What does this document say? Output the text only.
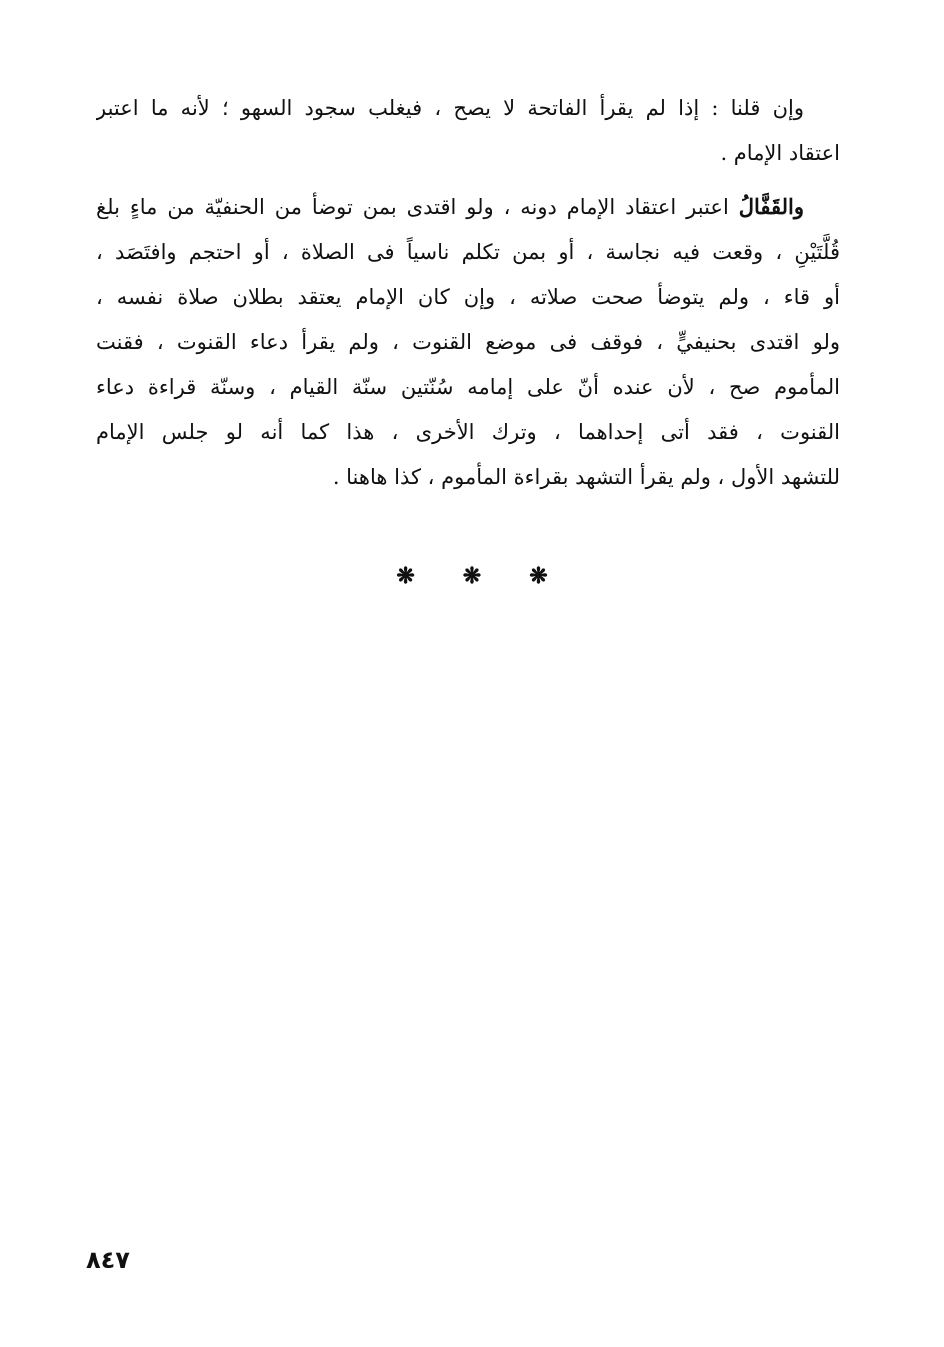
وإن قلنا : إذا لم يقرأ الفاتحة لا يصح ، فيغلب سجود السهو ؛ لأنه ما اعتبر
اعتقاد الإمام .
والقَفَّالُ اعتبر اعتقاد الإمام دونه ، ولو اقتدى بمن توضأ من الحنفيّة من ماءٍ بلغ
قُلَّتَيْنِ ، وقعت فيه نجاسة ، أو بمن تكلم ناسياً فى الصلاة ، أو احتجم وافتَصَد ،
أو قاء ، ولم يتوضأ صحت صلاته ، وإن كان الإمام يعتقد بطلان صلاة نفسه ،
ولو اقتدى بحنيفيٍّ ، فوقف فى موضع القنوت ، ولم يقرأ دعاء القنوت ، فقنت
المأموم صح ، لأن عنده أنّ على إمامه سُنّتين سنّة القيام ، وسنّة قراءة دعاء
القنوت ، فقد أتى إحداهما ، وترك الأخرى ، هذا كما أنه لو جلس الإمام
للتشهد الأول ، ولم يقرأ التشهد بقراءة المأموم ، كذا هاهنا .
❋ ❋ ❋
٨٤٧
